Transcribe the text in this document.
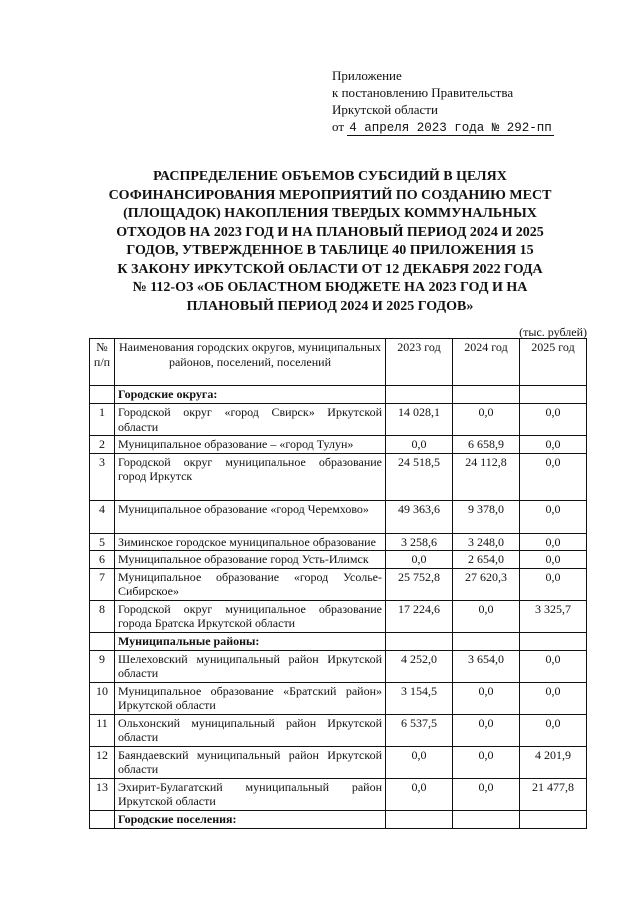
Приложение
к постановлению Правительства
Иркутской области
от 4 апреля 2023 года № 292-пп
РАСПРЕДЕЛЕНИЕ ОБЪЕМОВ СУБСИДИЙ В ЦЕЛЯХ
СОФИНАНСИРОВАНИЯ МЕРОПРИЯТИЙ ПО СОЗДАНИЮ МЕСТ
(ПЛОЩАДОК) НАКОПЛЕНИЯ ТВЕРДЫХ КОММУНАЛЬНЫХ
ОТХОДОВ НА 2023 ГОД И НА ПЛАНОВЫЙ ПЕРИОД 2024 И 2025
ГОДОВ, УТВЕРЖДЕННОЕ В ТАБЛИЦЕ 40 ПРИЛОЖЕНИЯ 15
К ЗАКОНУ ИРКУТСКОЙ ОБЛАСТИ ОТ 12 ДЕКАБРЯ 2022 ГОДА
№ 112-ОЗ «ОБ ОБЛАСТНОМ БЮДЖЕТЕ НА 2023 ГОД И НА
ПЛАНОВЫЙ ПЕРИОД 2024 И 2025 ГОДОВ»
(тыс. рублей)
№ п/п	Наименования городских округов, муниципальных районов, поселений, поселений	2023 год	2024 год	2025 год
	Городские округа:			
1	Городской округ «город Свирск» Иркутской области	14 028,1	0,0	0,0
2	Муниципальное образование – «город Тулун»	0,0	6 658,9	0,0
3	Городской округ муниципальное образование город Иркутск	24 518,5	24 112,8	0,0
4	Муниципальное образование «город Черемхово»	49 363,6	9 378,0	0,0
5	Зиминское городское муниципальное образование	3 258,6	3 248,0	0,0
6	Муниципальное образование город Усть-Илимск	0,0	2 654,0	0,0
7	Муниципальное образование «город Усолье-Сибирское»	25 752,8	27 620,3	0,0
8	Городской округ муниципальное образование города Братска Иркутской области	17 224,6	0,0	3 325,7
	Муниципальные районы:			
9	Шелеховский муниципальный район Иркутской области	4 252,0	3 654,0	0,0
10	Муниципальное образование «Братский район» Иркутской области	3 154,5	0,0	0,0
11	Ольхонский муниципальный район Иркутской области	6 537,5	0,0	0,0
12	Баяндаевский муниципальный район Иркутской области	0,0	0,0	4 201,9
13	Эхирит-Булагатский муниципальный район Иркутской области	0,0	0,0	21 477,8
	Городские поселения:			
